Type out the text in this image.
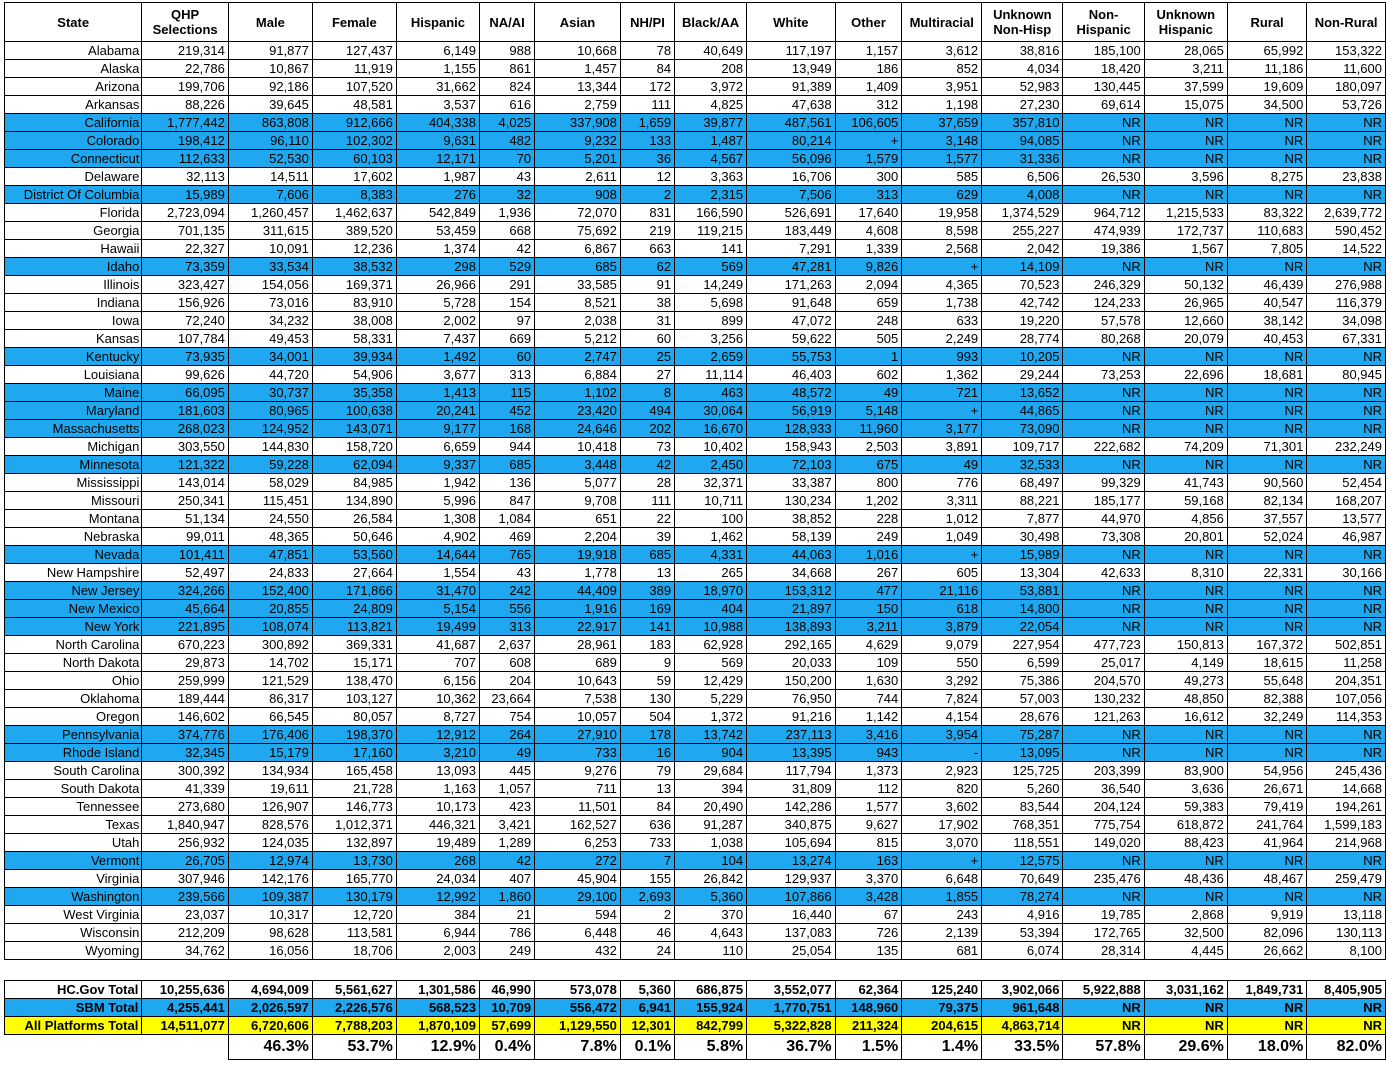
State	QHP Selections	Male	Female	Hispanic	NA/AI	Asian	NH/PI	Black/AA	White	Other	Multiracial	Unknown Non-Hisp	Non-Hispanic	Unknown Hispanic	Rural	Non-Rural
Alabama	219,314	91,877	127,437	6,149	988	10,668	78	40,649	117,197	1,157	3,612	38,816	185,100	28,065	65,992	153,322
Alaska	22,786	10,867	11,919	1,155	861	1,457	84	208	13,949	186	852	4,034	18,420	3,211	11,186	11,600
Arizona	199,706	92,186	107,520	31,662	824	13,344	172	3,972	91,389	1,409	3,951	52,983	130,445	37,599	19,609	180,097
Arkansas	88,226	39,645	48,581	3,537	616	2,759	111	4,825	47,638	312	1,198	27,230	69,614	15,075	34,500	53,726
California	1,777,442	863,808	912,666	404,338	4,025	337,908	1,659	39,877	487,561	106,605	37,659	357,810	NR	NR	NR	NR
Colorado	198,412	96,110	102,302	9,631	482	9,232	133	1,487	80,214	+	3,148	94,085	NR	NR	NR	NR
Connecticut	112,633	52,530	60,103	12,171	70	5,201	36	4,567	56,096	1,579	1,577	31,336	NR	NR	NR	NR
Delaware	32,113	14,511	17,602	1,987	43	2,611	12	3,363	16,706	300	585	6,506	26,530	3,596	8,275	23,838
District Of Columbia	15,989	7,606	8,383	276	32	908	2	2,315	7,506	313	629	4,008	NR	NR	NR	NR
Florida	2,723,094	1,260,457	1,462,637	542,849	1,936	72,070	831	166,590	526,691	17,640	19,958	1,374,529	964,712	1,215,533	83,322	2,639,772
Georgia	701,135	311,615	389,520	53,459	668	75,692	219	119,215	183,449	4,608	8,598	255,227	474,939	172,737	110,683	590,452
Hawaii	22,327	10,091	12,236	1,374	42	6,867	663	141	7,291	1,339	2,568	2,042	19,386	1,567	7,805	14,522
Idaho	73,359	33,534	38,532	298	529	685	62	569	47,281	9,826	+	14,109	NR	NR	NR	NR
Illinois	323,427	154,056	169,371	26,966	291	33,585	91	14,249	171,263	2,094	4,365	70,523	246,329	50,132	46,439	276,988
Indiana	156,926	73,016	83,910	5,728	154	8,521	38	5,698	91,648	659	1,738	42,742	124,233	26,965	40,547	116,379
Iowa	72,240	34,232	38,008	2,002	97	2,038	31	899	47,072	248	633	19,220	57,578	12,660	38,142	34,098
Kansas	107,784	49,453	58,331	7,437	669	5,212	60	3,256	59,622	505	2,249	28,774	80,268	20,079	40,453	67,331
Kentucky	73,935	34,001	39,934	1,492	60	2,747	25	2,659	55,753	1	993	10,205	NR	NR	NR	NR
Louisiana	99,626	44,720	54,906	3,677	313	6,884	27	11,114	46,403	602	1,362	29,244	73,253	22,696	18,681	80,945
Maine	66,095	30,737	35,358	1,413	115	1,102	8	463	48,572	49	721	13,652	NR	NR	NR	NR
Maryland	181,603	80,965	100,638	20,241	452	23,420	494	30,064	56,919	5,148	+	44,865	NR	NR	NR	NR
Massachusetts	268,023	124,952	143,071	9,177	168	24,646	202	16,670	128,933	11,960	3,177	73,090	NR	NR	NR	NR
Michigan	303,550	144,830	158,720	6,659	944	10,418	73	10,402	158,943	2,503	3,891	109,717	222,682	74,209	71,301	232,249
Minnesota	121,322	59,228	62,094	9,337	685	3,448	42	2,450	72,103	675	49	32,533	NR	NR	NR	NR
Mississippi	143,014	58,029	84,985	1,942	136	5,077	28	32,371	33,387	800	776	68,497	99,329	41,743	90,560	52,454
Missouri	250,341	115,451	134,890	5,996	847	9,708	111	10,711	130,234	1,202	3,311	88,221	185,177	59,168	82,134	168,207
Montana	51,134	24,550	26,584	1,308	1,084	651	22	100	38,852	228	1,012	7,877	44,970	4,856	37,557	13,577
Nebraska	99,011	48,365	50,646	4,902	469	2,204	39	1,462	58,139	249	1,049	30,498	73,308	20,801	52,024	46,987
Nevada	101,411	47,851	53,560	14,644	765	19,918	685	4,331	44,063	1,016	+	15,989	NR	NR	NR	NR
New Hampshire	52,497	24,833	27,664	1,554	43	1,778	13	265	34,668	267	605	13,304	42,633	8,310	22,331	30,166
New Jersey	324,266	152,400	171,866	31,470	242	44,409	389	18,970	153,312	477	21,116	53,881	NR	NR	NR	NR
New Mexico	45,664	20,855	24,809	5,154	556	1,916	169	404	21,897	150	618	14,800	NR	NR	NR	NR
New York	221,895	108,074	113,821	19,499	313	22,917	141	10,988	138,893	3,211	3,879	22,054	NR	NR	NR	NR
North Carolina	670,223	300,892	369,331	41,687	2,637	28,961	183	62,928	292,165	4,629	9,079	227,954	477,723	150,813	167,372	502,851
North Dakota	29,873	14,702	15,171	707	608	689	9	569	20,033	109	550	6,599	25,017	4,149	18,615	11,258
Ohio	259,999	121,529	138,470	6,156	204	10,643	59	12,429	150,200	1,630	3,292	75,386	204,570	49,273	55,648	204,351
Oklahoma	189,444	86,317	103,127	10,362	23,664	7,538	130	5,229	76,950	744	7,824	57,003	130,232	48,850	82,388	107,056
Oregon	146,602	66,545	80,057	8,727	754	10,057	504	1,372	91,216	1,142	4,154	28,676	121,263	16,612	32,249	114,353
Pennsylvania	374,776	176,406	198,370	12,912	264	27,910	178	13,742	237,113	3,416	3,954	75,287	NR	NR	NR	NR
Rhode Island	32,345	15,179	17,160	3,210	49	733	16	904	13,395	943	-	13,095	NR	NR	NR	NR
South Carolina	300,392	134,934	165,458	13,093	445	9,276	79	29,684	117,794	1,373	2,923	125,725	203,399	83,900	54,956	245,436
South Dakota	41,339	19,611	21,728	1,163	1,057	711	13	394	31,809	112	820	5,260	36,540	3,636	26,671	14,668
Tennessee	273,680	126,907	146,773	10,173	423	11,501	84	20,490	142,286	1,577	3,602	83,544	204,124	59,383	79,419	194,261
Texas	1,840,947	828,576	1,012,371	446,321	3,421	162,527	636	91,287	340,875	9,627	17,902	768,351	775,754	618,872	241,764	1,599,183
Utah	256,932	124,035	132,897	19,489	1,289	6,253	733	1,038	105,694	815	3,070	118,551	149,020	88,423	41,964	214,968
Vermont	26,705	12,974	13,730	268	42	272	7	104	13,274	163	+	12,575	NR	NR	NR	NR
Virginia	307,946	142,176	165,770	24,034	407	45,904	155	26,842	129,937	3,370	6,648	70,649	235,476	48,436	48,467	259,479
Washington	239,566	109,387	130,179	12,992	1,860	29,100	2,693	5,360	107,866	3,428	1,855	78,274	NR	NR	NR	NR
West Virginia	23,037	10,317	12,720	384	21	594	2	370	16,440	67	243	4,916	19,785	2,868	9,919	13,118
Wisconsin	212,209	98,628	113,581	6,944	786	6,448	46	4,643	137,083	726	2,139	53,394	172,765	32,500	82,096	130,113
Wyoming	34,762	16,056	18,706	2,003	249	432	24	110	25,054	135	681	6,074	28,314	4,445	26,662	8,100

HC.Gov Total	10,255,636	4,694,009	5,561,627	1,301,586	46,990	573,078	5,360	686,875	3,552,077	62,364	125,240	3,902,066	5,922,888	3,031,162	1,849,731	8,405,905
SBM Total	4,255,441	2,026,597	2,226,576	568,523	10,709	556,472	6,941	155,924	1,770,751	148,960	79,375	961,648	NR	NR	NR	NR
All Platforms Total	14,511,077	6,720,606	7,788,203	1,870,109	57,699	1,129,550	12,301	842,799	5,322,828	211,324	204,615	4,863,714	NR	NR	NR	NR
		46.3%	53.7%	12.9%	0.4%	7.8%	0.1%	5.8%	36.7%	1.5%	1.4%	33.5%	57.8%	29.6%	18.0%	82.0%
